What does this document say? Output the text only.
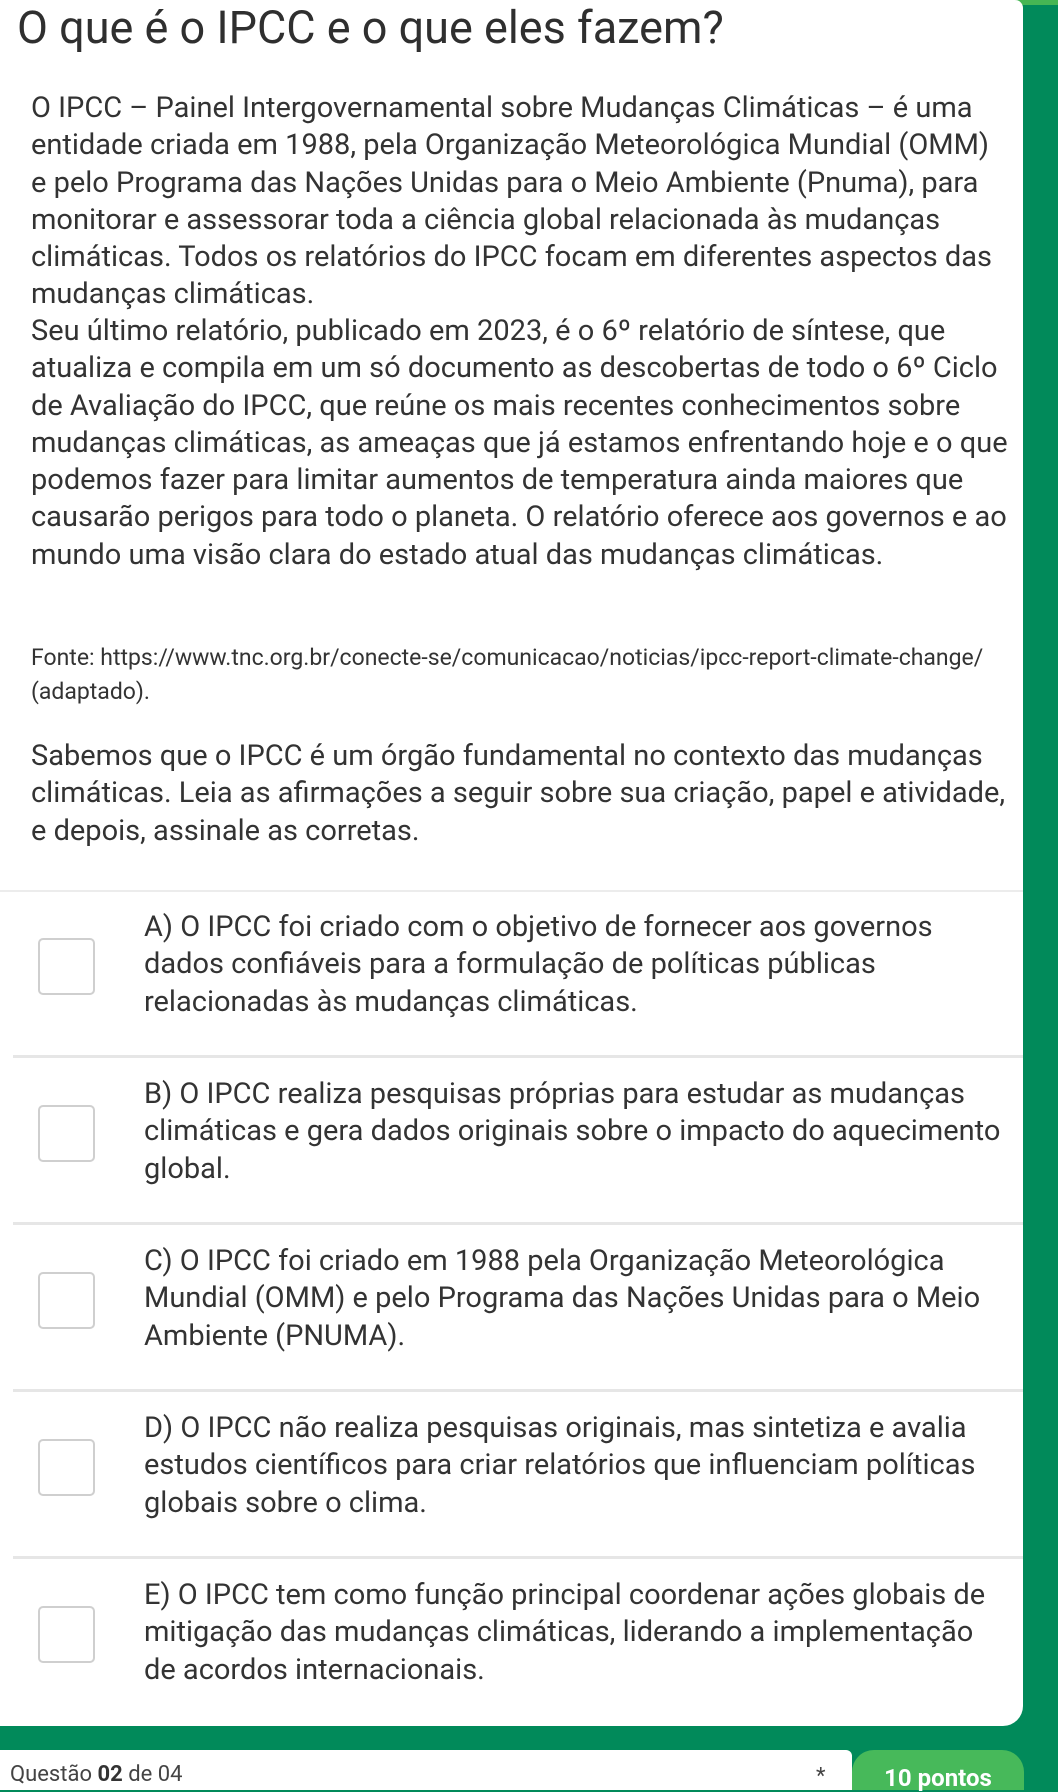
O que é o IPCC e o que eles fazem?

O IPCC – Painel Intergovernamental sobre Mudanças Climáticas – é uma entidade criada em 1988, pela Organização Meteorológica Mundial (OMM) e pelo Programa das Nações Unidas para o Meio Ambiente (Pnuma), para monitorar e assessorar toda a ciência global relacionada às mudanças climáticas. Todos os relatórios do IPCC focam em diferentes aspectos das mudanças climáticas.

Seu último relatório, publicado em 2023, é o 6º relatório de síntese, que atualiza e compila em um só documento as descobertas de todo o 6º Ciclo de Avaliação do IPCC, que reúne os mais recentes conhecimentos sobre mudanças climáticas, as ameaças que já estamos enfrentando hoje e o que podemos fazer para limitar aumentos de temperatura ainda maiores que causarão perigos para todo o planeta. O relatório oferece aos governos e ao mundo uma visão clara do estado atual das mudanças climáticas.

Fonte: https://www.tnc.org.br/conecte-se/comunicacao/noticias/ipcc-report-climate-change/ (adaptado).

Sabemos que o IPCC é um órgão fundamental no contexto das mudanças climáticas. Leia as afirmações a seguir sobre sua criação, papel e atividade, e depois, assinale as corretas.

A) O IPCC foi criado com o objetivo de fornecer aos governos dados confiáveis para a formulação de políticas públicas relacionadas às mudanças climáticas.

B) O IPCC realiza pesquisas próprias para estudar as mudanças climáticas e gera dados originais sobre o impacto do aquecimento global.

C) O IPCC foi criado em 1988 pela Organização Meteorológica Mundial (OMM) e pelo Programa das Nações Unidas para o Meio Ambiente (PNUMA).

D) O IPCC não realiza pesquisas originais, mas sintetiza e avalia estudos científicos para criar relatórios que influenciam políticas globais sobre o clima.

E) O IPCC tem como função principal coordenar ações globais de mitigação das mudanças climáticas, liderando a implementação de acordos internacionais.

Questão 02 de 04	*	10 pontos
